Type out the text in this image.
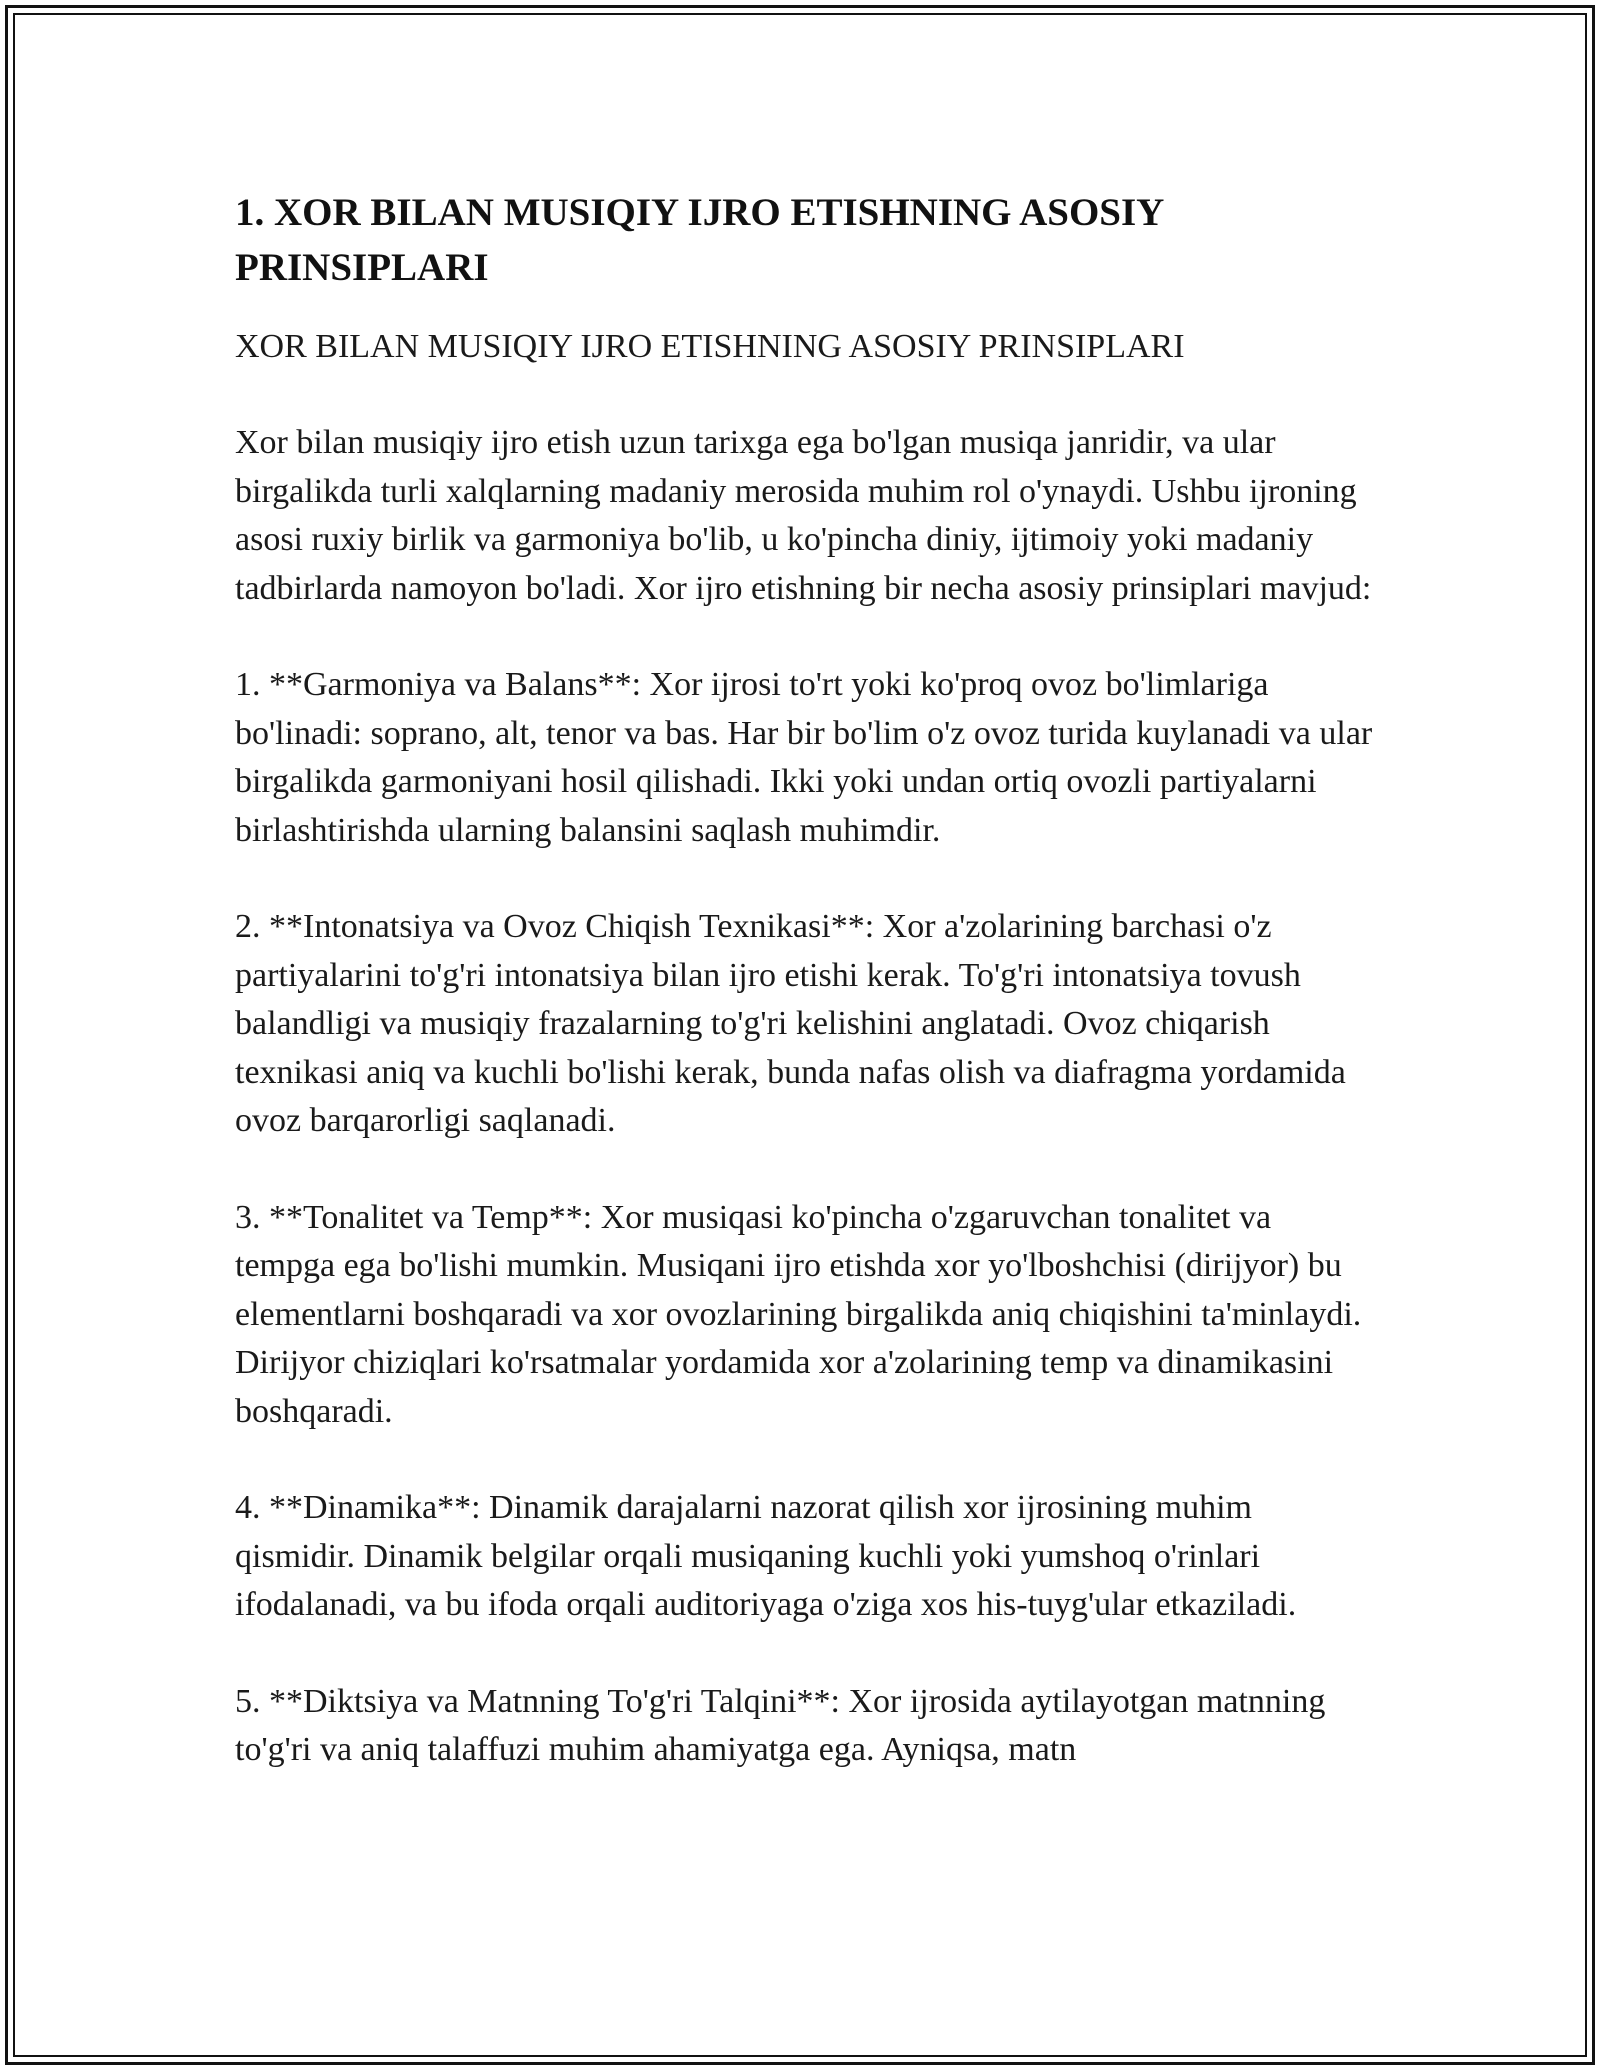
1. XOR BILAN MUSIQIY IJRO ETISHNING ASOSIY PRINSIPLARI

XOR BILAN MUSIQIY IJRO ETISHNING ASOSIY PRINSIPLARI

Xor bilan musiqiy ijro etish uzun tarixga ega bo'lgan musiqa janridir, va ular birgalikda turli xalqlarning madaniy merosida muhim rol o'ynaydi. Ushbu ijroning asosi ruxiy birlik va garmoniya bo'lib, u ko'pincha diniy, ijtimoiy yoki madaniy tadbirlarda namoyon bo'ladi. Xor ijro etishning bir necha asosiy prinsiplari mavjud:

1. **Garmoniya va Balans**: Xor ijrosi to'rt yoki ko'proq ovoz bo'limlariga bo'linadi: soprano, alt, tenor va bas. Har bir bo'lim o'z ovoz turida kuylanadi va ular birgalikda garmoniyani hosil qilishadi. Ikki yoki undan ortiq ovozli partiyalarni birlashtirishda ularning balansini saqlash muhimdir.

2. **Intonatsiya va Ovoz Chiqish Texnikasi**: Xor a'zolarining barchasi o'z partiyalarini to'g'ri intonatsiya bilan ijro etishi kerak. To'g'ri intonatsiya tovush balandligi va musiqiy frazalarning to'g'ri kelishini anglatadi. Ovoz chiqarish texnikasi aniq va kuchli bo'lishi kerak, bunda nafas olish va diafragma yordamida ovoz barqarorligi saqlanadi.

3. **Tonalitet va Temp**: Xor musiqasi ko'pincha o'zgaruvchan tonalitet va tempga ega bo'lishi mumkin. Musiqani ijro etishda xor yo'lboshchisi (dirijyor) bu elementlarni boshqaradi va xor ovozlarining birgalikda aniq chiqishini ta'minlaydi. Dirijyor chiziqlari ko'rsatmalar yordamida xor a'zolarining temp va dinamikasini boshqaradi.

4. **Dinamika**: Dinamik darajalarni nazorat qilish xor ijrosining muhim qismidir. Dinamik belgilar orqali musiqaning kuchli yoki yumshoq o'rinlari ifodalanadi, va bu ifoda orqali auditoriyaga o'ziga xos his-tuyg'ular etkaziladi.

5. **Diktsiya va Matnning To'g'ri Talqini**: Xor ijrosida aytilayotgan matnning to'g'ri va aniq talaffuzi muhim ahamiyatga ega. Ayniqsa, matn
